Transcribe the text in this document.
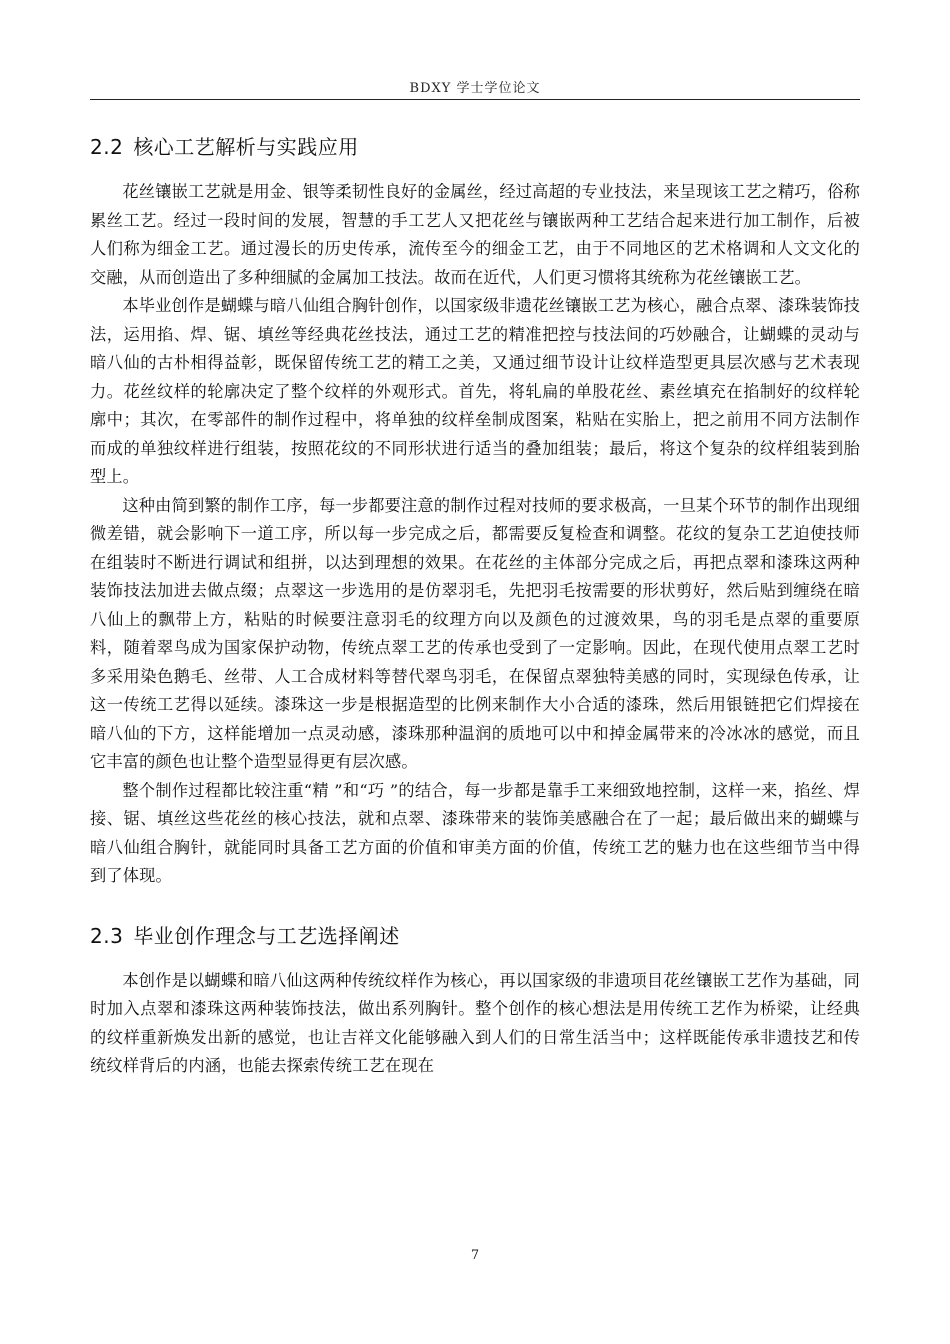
BDXY 学士学位论文
2.2 核心工艺解析与实践应用

花丝镶嵌工艺就是用金、银等柔韧性良好的金属丝，经过高超的专业技法，来呈现该工艺之精巧，俗称累丝工艺。经过一段时间的发展，智慧的手工艺人又把花丝与镶嵌两种工艺结合起来进行加工制作，后被人们称为细金工艺。通过漫长的历史传承，流传至今的细金工艺，由于不同地区的艺术格调和人文文化的交融，从而创造出了多种细腻的金属加工技法。故而在近代，人们更习惯将其统称为花丝镶嵌工艺。

本毕业创作是蝴蝶与暗八仙组合胸针创作，以国家级非遗花丝镶嵌工艺为核心，融合点翠、漆珠装饰技法，运用掐、焊、锯、填丝等经典花丝技法，通过工艺的精准把控与技法间的巧妙融合，让蝴蝶的灵动与暗八仙的古朴相得益彰，既保留传统工艺的精工之美，又通过细节设计让纹样造型更具层次感与艺术表现力。花丝纹样的轮廓决定了整个纹样的外观形式。首先，将轧扁的单股花丝、素丝填充在掐制好的纹样轮廓中；其次，在零部件的制作过程中，将单独的纹样垒制成图案，粘贴在实胎上，把之前用不同方法制作而成的单独纹样进行组装，按照花纹的不同形状进行适当的叠加组装；最后，将这个复杂的纹样组装到胎型上。

这种由简到繁的制作工序，每一步都要注意的制作过程对技师的要求极高，一旦某个环节的制作出现细微差错，就会影响下一道工序，所以每一步完成之后，都需要反复检查和调整。花纹的复杂工艺迫使技师在组装时不断进行调试和组拼，以达到理想的效果。在花丝的主体部分完成之后，再把点翠和漆珠这两种装饰技法加进去做点缀；点翠这一步选用的是仿翠羽毛，先把羽毛按需要的形状剪好，然后贴到缠绕在暗八仙上的飘带上方，粘贴的时候要注意羽毛的纹理方向以及颜色的过渡效果，鸟的羽毛是点翠的重要原料，随着翠鸟成为国家保护动物，传统点翠工艺的传承也受到了一定影响。因此，在现代使用点翠工艺时多采用染色鹅毛、丝带、人工合成材料等替代翠鸟羽毛，在保留点翠独特美感的同时，实现绿色传承，让这一传统工艺得以延续。漆珠这一步是根据造型的比例来制作大小合适的漆珠，然后用银链把它们焊接在暗八仙的下方，这样能增加一点灵动感，漆珠那种温润的质地可以中和掉金属带来的冷冰冰的感觉，而且它丰富的颜色也让整个造型显得更有层次感。

整个制作过程都比较注重“精 ”和“巧 ”的结合，每一步都是靠手工来细致地控制，这样一来，掐丝、焊接、锯、填丝这些花丝的核心技法，就和点翠、漆珠带来的装饰美感融合在了一起；最后做出来的蝴蝶与暗八仙组合胸针，就能同时具备工艺方面的价值和审美方面的价值，传统工艺的魅力也在这些细节当中得到了体现。

2.3 毕业创作理念与工艺选择阐述

本创作是以蝴蝶和暗八仙这两种传统纹样作为核心，再以国家级的非遗项目花丝镶嵌工艺作为基础，同时加入点翠和漆珠这两种装饰技法，做出系列胸针。整个创作的核心想法是用传统工艺作为桥梁，让经典的纹样重新焕发出新的感觉，也让吉祥文化能够融入到人们的日常生活当中；这样既能传承非遗技艺和传统纹样背后的内涵，也能去探索传统工艺在现在

7
